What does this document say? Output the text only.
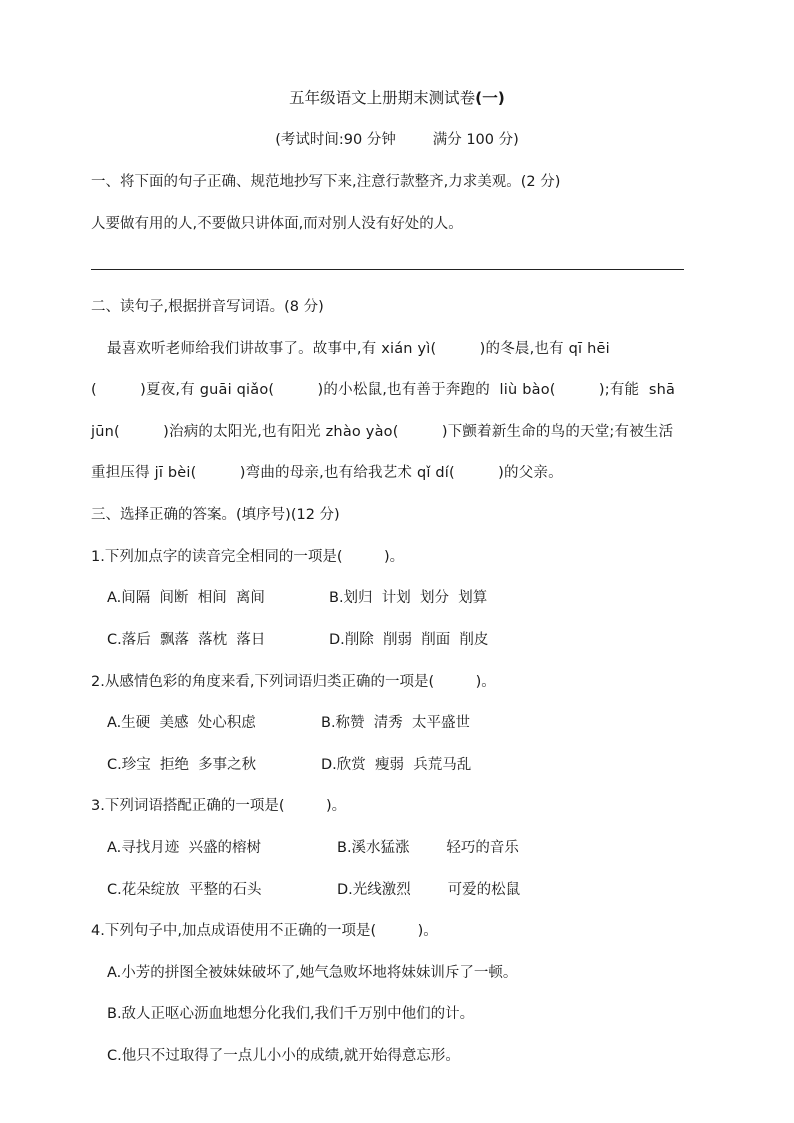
五年级语文上册期末测试卷(一)
(考试时间:90 分钟        满分 100 分)
一、将下面的句子正确、规范地抄写下来,注意行款整齐,力求美观。(2 分)
人要做有用的人,不要做只讲体面,而对别人没有好处的人。
二、读句子,根据拼音写词语。(8 分)
最喜欢听老师给我们讲故事了。故事中,有 xián yì(         )的冬晨,也有 qī hēi
(         )夏夜,有 guāi qiǎo(         )的小松鼠,也有善于奔跑的  liù bào(         );有能  shā
jūn(         )治病的太阳光,也有阳光 zhào yào(         )下颤着新生命的鸟的天堂;有被生活
重担压得 jī bèi(         )弯曲的母亲,也有给我艺术 qǐ dí(         )的父亲。
三、选择正确的答案。(填序号)(12 分)
1.下列加点字的读音完全相同的一项是(         )。
A.间隔  间断  相间  离间	B.划归  计划  划分  划算
C.落后  飘落  落枕  落日	D.削除  削弱  削面  削皮
2.从感情色彩的角度来看,下列词语归类正确的一项是(         )。
A.生硬  美感  处心积虑	B.称赞  清秀  太平盛世
C.珍宝  拒绝  多事之秋	D.欣赏  瘦弱  兵荒马乱
3.下列词语搭配正确的一项是(         )。
A.寻找月迹  兴盛的榕树	B.溪水猛涨        轻巧的音乐
C.花朵绽放  平整的石头	D.光线激烈        可爱的松鼠
4.下列句子中,加点成语使用不正确的一项是(         )。
A.小芳的拼图全被妹妹破坏了,她气急败坏地将妹妹训斥了一顿。
B.敌人正呕心沥血地想分化我们,我们千万别中他们的计。
C.他只不过取得了一点儿小小的成绩,就开始得意忘形。
